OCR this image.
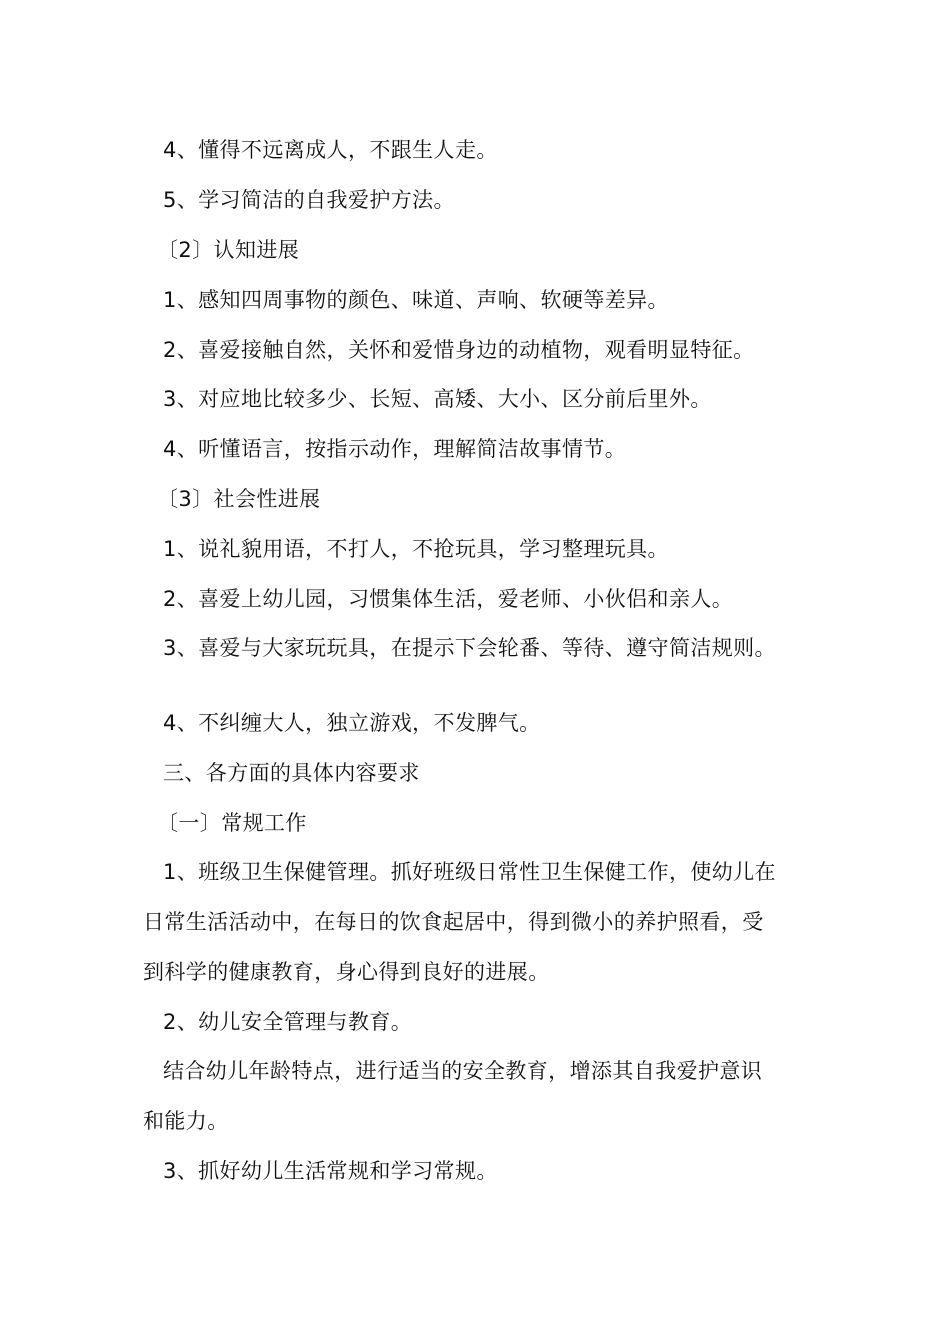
4、懂得不远离成人，不跟生人走。
5、学习简洁的自我爱护方法。
〔2〕认知进展
1、感知四周事物的颜色、味道、声响、软硬等差异。
2、喜爱接触自然，关怀和爱惜身边的动植物，观看明显特征。
3、对应地比较多少、长短、高矮、大小、区分前后里外。
4、听懂语言，按指示动作，理解简洁故事情节。
〔3〕社会性进展
1、说礼貌用语，不打人，不抢玩具，学习整理玩具。
2、喜爱上幼儿园，习惯集体生活，爱老师、小伙侣和亲人。
3、喜爱与大家玩玩具，在提示下会轮番、等待、遵守简洁规则。
4、不纠缠大人，独立游戏，不发脾气。
三、各方面的具体内容要求
〔一〕常规工作
1、班级卫生保健管理。抓好班级日常性卫生保健工作，使幼儿在
日常生活活动中，在每日的饮食起居中，得到微小的养护照看，受
到科学的健康教育，身心得到良好的进展。
2、幼儿安全管理与教育。
结合幼儿年龄特点，进行适当的安全教育，增添其自我爱护意识
和能力。
3、抓好幼儿生活常规和学习常规。
